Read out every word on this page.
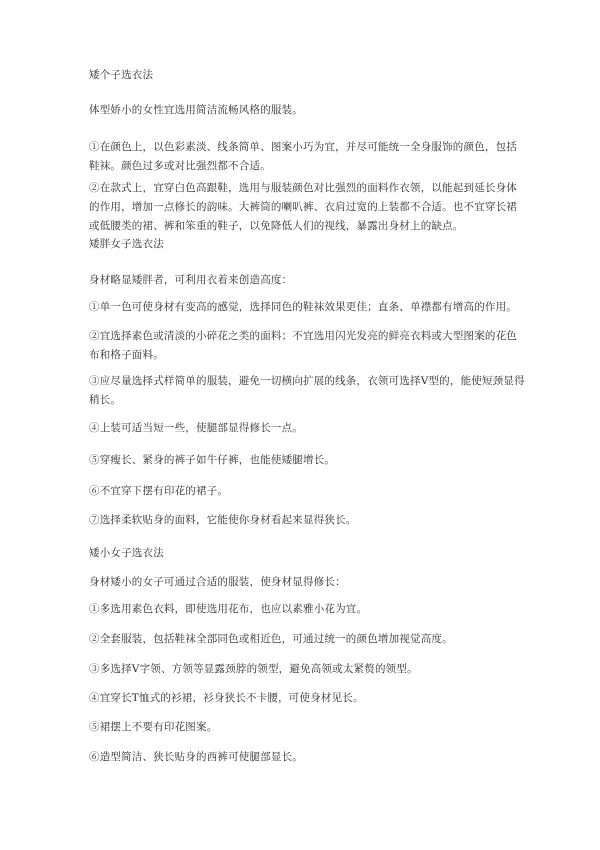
矮个子选衣法

体型娇小的女性宜选用简洁流畅风格的服装。

①在颜色上，以色彩素淡、线条简单、图案小巧为宜，并尽可能统一全身服饰的颜色，包括鞋袜。颜色过多或对比强烈都不合适。

②在款式上，宜穿白色高跟鞋，选用与服装颜色对比强烈的面料作衣领，以能起到延长身体的作用，增加一点修长的韵味。大裤筒的喇叭裤、衣肩过宽的上装都不合适。也不宜穿长裙或低腰类的裙、裤和笨重的鞋子，以免降低人们的视线，暴露出身材上的缺点。

矮胖女子选衣法

身材略显矮胖者，可利用衣着来创造高度：

①单一色可使身材有变高的感觉，选择同色的鞋袜效果更佳；直条、单襟都有增高的作用。

②宜选择素色或清淡的小碎花之类的面料；不宜选用闪光发亮的鲜亮衣料或大型图案的花色布和格子面料。

③应尽量选择式样简单的服装，避免一切横向扩展的线条，衣领可选择V型的，能使短颈显得稍长。

④上装可适当短一些，使腿部显得修长一点。

⑤穿瘦长、紧身的裤子如牛仔裤，也能使矮腿增长。

⑥不宜穿下摆有印花的裙子。

⑦选择柔软贴身的面料，它能使你身材看起来显得狭长。

矮小女子选衣法

身材矮小的女子可通过合适的服装，使身材显得修长：

①多选用素色衣料，即使选用花布，也应以素雅小花为宜。

②全套服装，包括鞋袜全部同色或相近色，可通过统一的颜色增加视觉高度。

③多选择V字领、方领等显露颈脖的领型，避免高领或太紧赘的领型。

④宜穿长T恤式的衫裙，衫身狭长不卡腰，可使身材见长。

⑤裙摆上不要有印花图案。

⑥造型简洁、狭长贴身的西裤可使腿部显长。
